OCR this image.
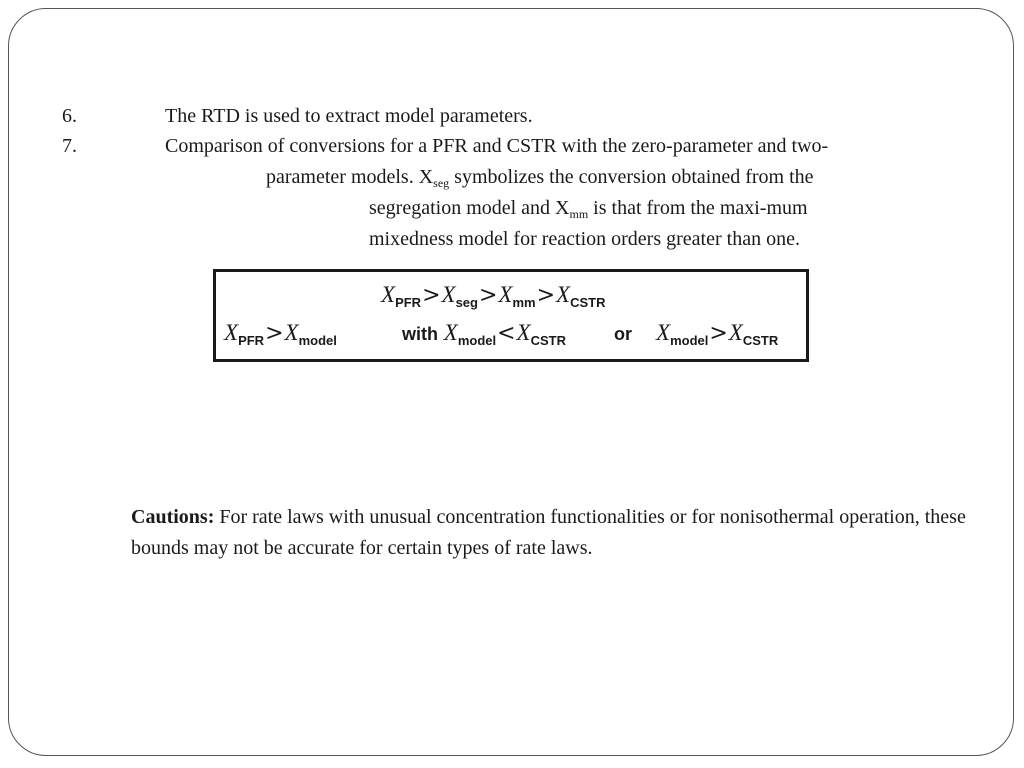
6.	The RTD is used to extract model parameters.
7.	Comparison of conversions for a PFR and CSTR with the zero-parameter and two-
parameter models. $X_{seg}$ symbolizes the conversion obtained from the
segregation model and $X_{mm}$ is that from the maxi-mum
mixedness model for reaction orders greater than one.
$X_{PFR}>X_{seg}>X_{mm}>X_{CSTR}$
$X_{PFR}>X_{model}$	with $X_{model}<X_{CSTR}$	or $X_{model}>X_{CSTR}$
Cautions: For rate laws with unusual concentration functionalities or for nonisothermal operation, these bounds may not be accurate for certain types of rate laws.
